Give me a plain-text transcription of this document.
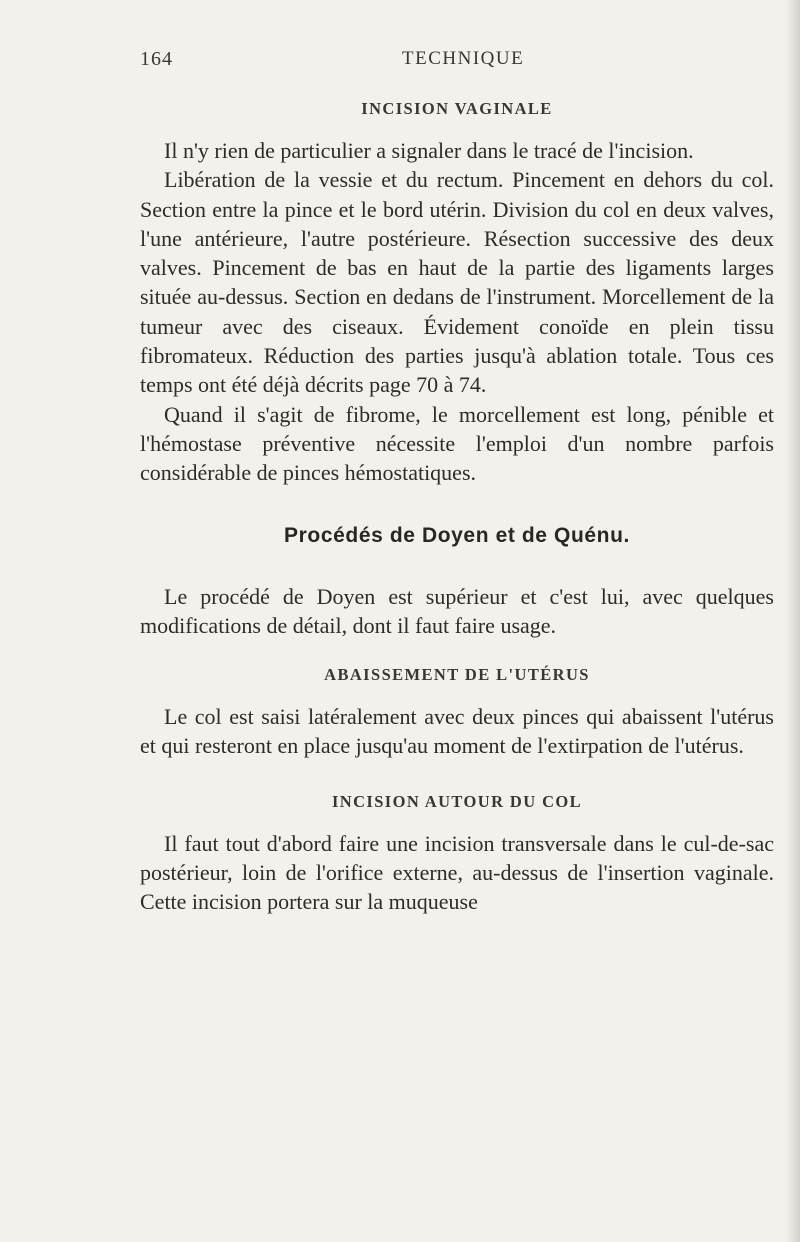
164	TECHNIQUE
INCISION VAGINALE

Il n'y rien de particulier a signaler dans le tracé de l'incision.

Libération de la vessie et du rectum. Pincement en dehors du col. Section entre la pince et le bord utérin. Division du col en deux valves, l'une antérieure, l'autre postérieure. Résection successive des deux valves. Pincement de bas en haut de la partie des ligaments larges située au-dessus. Section en dedans de l'instrument. Morcellement de la tumeur avec des ciseaux. Évidement conoïde en plein tissu fibromateux. Réduction des parties jusqu'à ablation totale. Tous ces temps ont été déjà décrits page 70 à 74.

Quand il s'agit de fibrome, le morcellement est long, pénible et l'hémostase préventive nécessite l'emploi d'un nombre parfois considérable de pinces hémostatiques.

Procédés de Doyen et de Quénu.

Le procédé de Doyen est supérieur et c'est lui, avec quelques modifications de détail, dont il faut faire usage.

ABAISSEMENT DE L'UTÉRUS

Le col est saisi latéralement avec deux pinces qui abaissent l'utérus et qui resteront en place jusqu'au moment de l'extirpation de l'utérus.

INCISION AUTOUR DU COL

Il faut tout d'abord faire une incision transversale dans le cul-de-sac postérieur, loin de l'orifice externe, au-dessus de l'insertion vaginale. Cette incision portera sur la muqueuse
